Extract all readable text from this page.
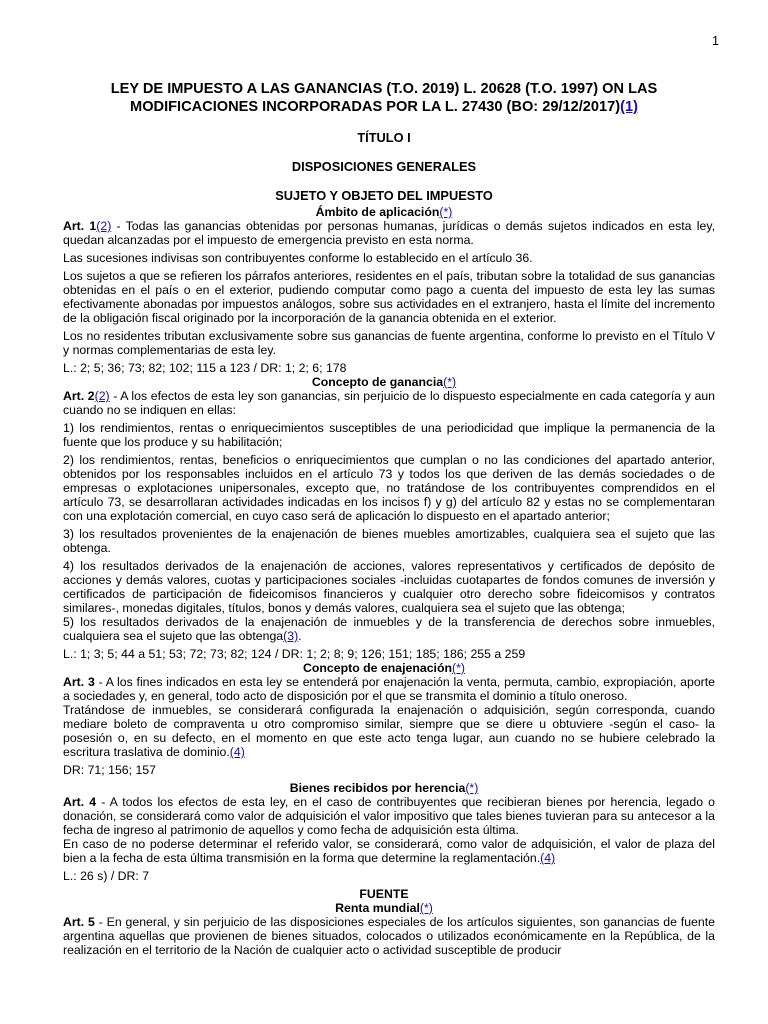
1
LEY DE IMPUESTO A LAS GANANCIAS (T.O. 2019) L. 20628 (T.O. 1997) ON LAS MODIFICACIONES INCORPORADAS POR LA L. 27430 (BO: 29/12/2017)(1)
TÍTULO I
DISPOSICIONES GENERALES
SUJETO Y OBJETO DEL IMPUESTO
Ámbito de aplicación(*)

Art. 1(2) - Todas las ganancias obtenidas por personas humanas, jurídicas o demás sujetos indicados en esta ley, quedan alcanzadas por el impuesto de emergencia previsto en esta norma.

Las sucesiones indivisas son contribuyentes conforme lo establecido en el artículo 36.

Los sujetos a que se refieren los párrafos anteriores, residentes en el país, tributan sobre la totalidad de sus ganancias obtenidas en el país o en el exterior, pudiendo computar como pago a cuenta del impuesto de esta ley las sumas efectivamente abonadas por impuestos análogos, sobre sus actividades en el extranjero, hasta el límite del incremento de la obligación fiscal originado por la incorporación de la ganancia obtenida en el exterior.

Los no residentes tributan exclusivamente sobre sus ganancias de fuente argentina, conforme lo previsto en el Título V y normas complementarias de esta ley.

L.: 2; 5; 36; 73; 82; 102; 115 a 123 / DR: 1; 2; 6; 178

Concepto de ganancia(*)

Art. 2(2) - A los efectos de esta ley son ganancias, sin perjuicio de lo dispuesto especialmente en cada categoría y aun cuando no se indiquen en ellas:

1) los rendimientos, rentas o enriquecimientos susceptibles de una periodicidad que implique la permanencia de la fuente que los produce y su habilitación;

2) los rendimientos, rentas, beneficios o enriquecimientos que cumplan o no las condiciones del apartado anterior, obtenidos por los responsables incluidos en el artículo 73 y todos los que deriven de las demás sociedades o de empresas o explotaciones unipersonales, excepto que, no tratándose de los contribuyentes comprendidos en el artículo 73, se desarrollaran actividades indicadas en los incisos f) y g) del artículo 82 y estas no se complementaran con una explotación comercial, en cuyo caso será de aplicación lo dispuesto en el apartado anterior;

3) los resultados provenientes de la enajenación de bienes muebles amortizables, cualquiera sea el sujeto que las obtenga.

4) los resultados derivados de la enajenación de acciones, valores representativos y certificados de depósito de acciones y demás valores, cuotas y participaciones sociales -incluidas cuotapartes de fondos comunes de inversión y certificados de participación de fideicomisos financieros y cualquier otro derecho sobre fideicomisos y contratos similares-, monedas digitales, títulos, bonos y demás valores, cualquiera sea el sujeto que las obtenga;

5) los resultados derivados de la enajenación de inmuebles y de la transferencia de derechos sobre inmuebles, cualquiera sea el sujeto que las obtenga(3).

L.: 1; 3; 5; 44 a 51; 53; 72; 73; 82; 124 / DR: 1; 2; 8; 9; 126; 151; 185; 186; 255 a 259

Concepto de enajenación(*)

Art. 3 - A los fines indicados en esta ley se entenderá por enajenación la venta, permuta, cambio, expropiación, aporte a sociedades y, en general, todo acto de disposición por el que se transmita el dominio a título oneroso.

Tratándose de inmuebles, se considerará configurada la enajenación o adquisición, según corresponda, cuando mediare boleto de compraventa u otro compromiso similar, siempre que se diere u obtuviere -según el caso- la posesión o, en su defecto, en el momento en que este acto tenga lugar, aun cuando no se hubiere celebrado la escritura traslativa de dominio.(4)

DR: 71; 156; 157

Bienes recibidos por herencia(*)

Art. 4 - A todos los efectos de esta ley, en el caso de contribuyentes que recibieran bienes por herencia, legado o donación, se considerará como valor de adquisición el valor impositivo que tales bienes tuvieran para su antecesor a la fecha de ingreso al patrimonio de aquellos y como fecha de adquisición esta última.

En caso de no poderse determinar el referido valor, se considerará, como valor de adquisición, el valor de plaza del bien a la fecha de esta última transmisión en la forma que determine la reglamentación.(4)

L.: 26 s) / DR: 7

FUENTE
Renta mundial(*)

Art. 5 - En general, y sin perjuicio de las disposiciones especiales de los artículos siguientes, son ganancias de fuente argentina aquellas que provienen de bienes situados, colocados o utilizados económicamente en la República, de la realización en el territorio de la Nación de cualquier acto o actividad susceptible de producir
